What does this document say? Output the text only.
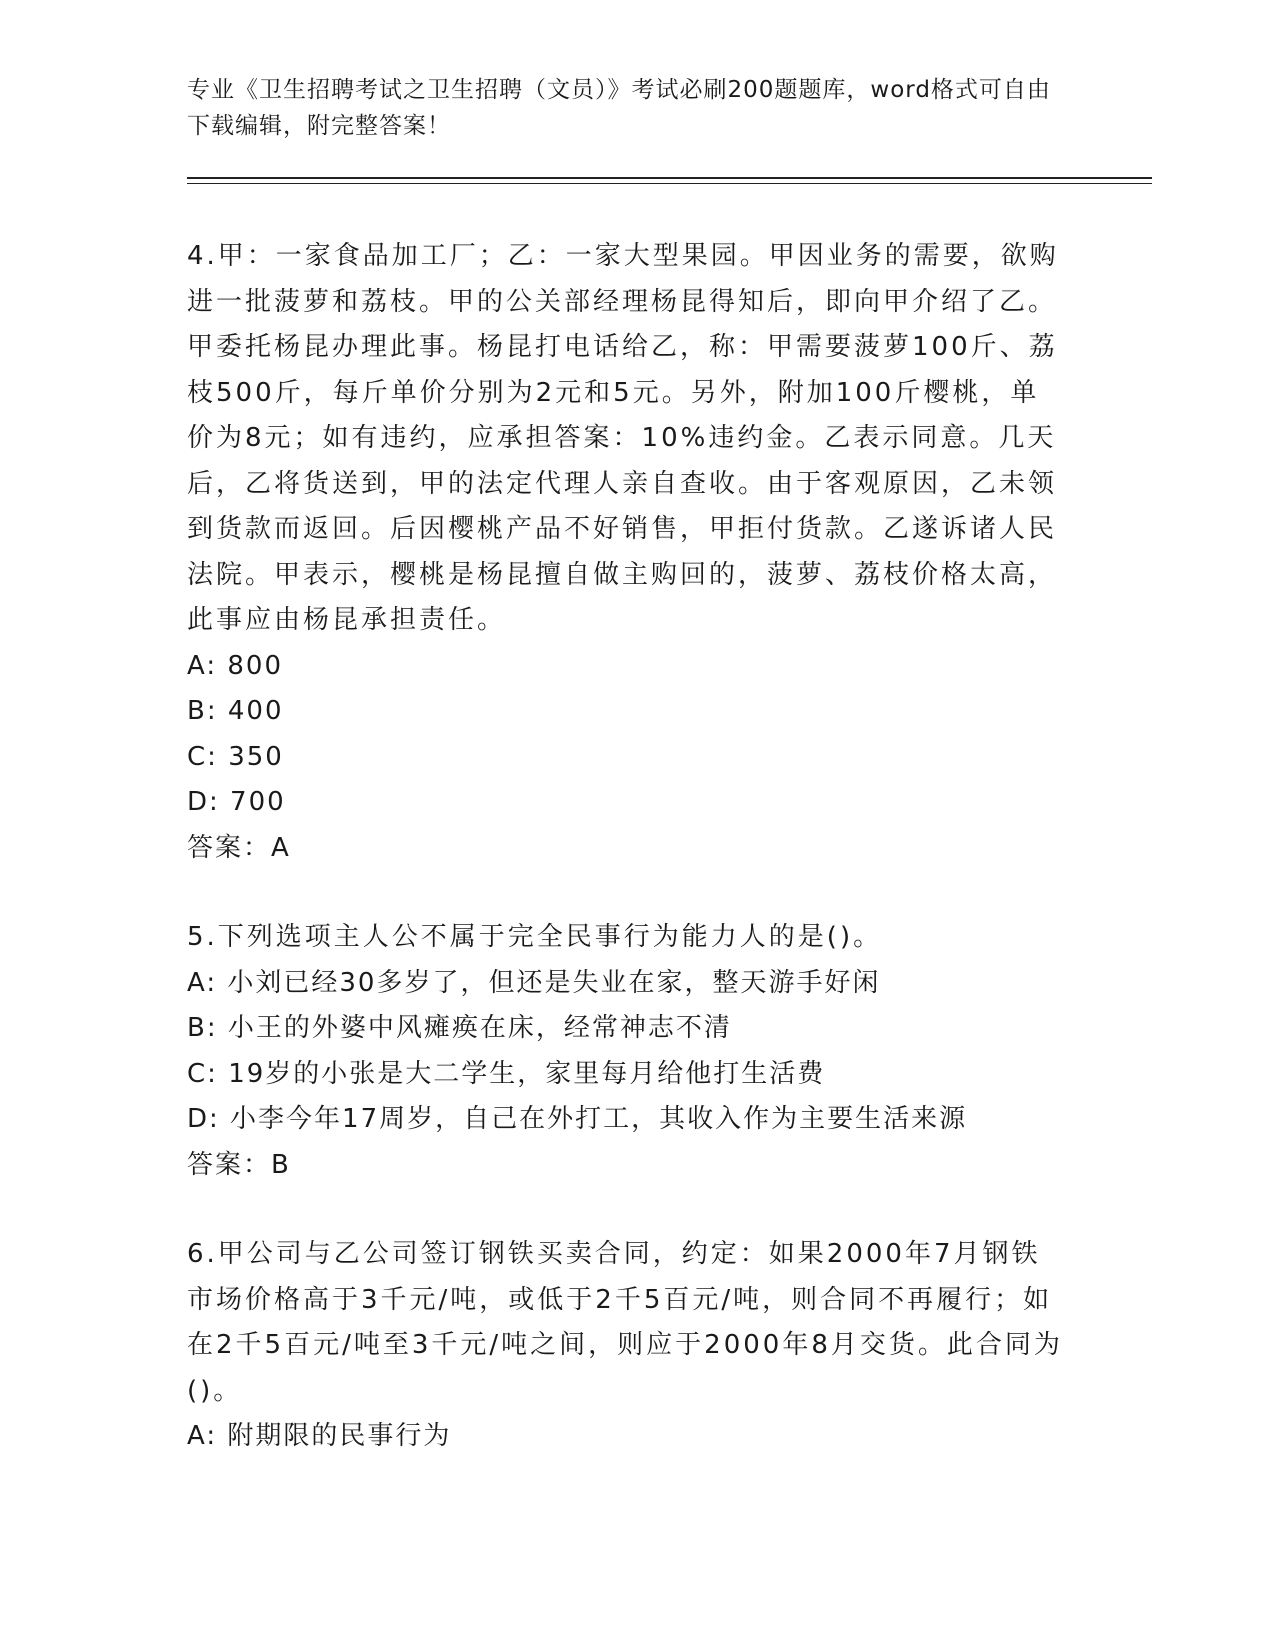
专业《卫生招聘考试之卫生招聘（文员）》考试必刷200题题库，word格式可自由下载编辑，附完整答案！
4.甲：一家食品加工厂；乙：一家大型果园。甲因业务的需要，欲购进一批菠萝和荔枝。甲的公关部经理杨昆得知后，即向甲介绍了乙。甲委托杨昆办理此事。杨昆打电话给乙，称：甲需要菠萝100斤、荔枝500斤，每斤单价分别为2元和5元。另外，附加100斤樱桃，单价为8元；如有违约，应承担答案：10%违约金。乙表示同意。几天后，乙将货送到，甲的法定代理人亲自查收。由于客观原因，乙未领到货款而返回。后因樱桃产品不好销售，甲拒付货款。乙遂诉诸人民法院。甲表示，樱桃是杨昆擅自做主购回的，菠萝、荔枝价格太高，此事应由杨昆承担责任。
A: 800
B: 400
C: 350
D: 700
答案：A
5.下列选项主人公不属于完全民事行为能力人的是()。
A: 小刘已经30多岁了，但还是失业在家，整天游手好闲
B: 小王的外婆中风瘫痪在床，经常神志不清
C: 19岁的小张是大二学生，家里每月给他打生活费
D: 小李今年17周岁，自己在外打工，其收入作为主要生活来源
答案：B
6.甲公司与乙公司签订钢铁买卖合同，约定：如果2000年7月钢铁市场价格高于3千元/吨，或低于2千5百元/吨，则合同不再履行；如在2千5百元/吨至3千元/吨之间，则应于2000年8月交货。此合同为()。
A: 附期限的民事行为
